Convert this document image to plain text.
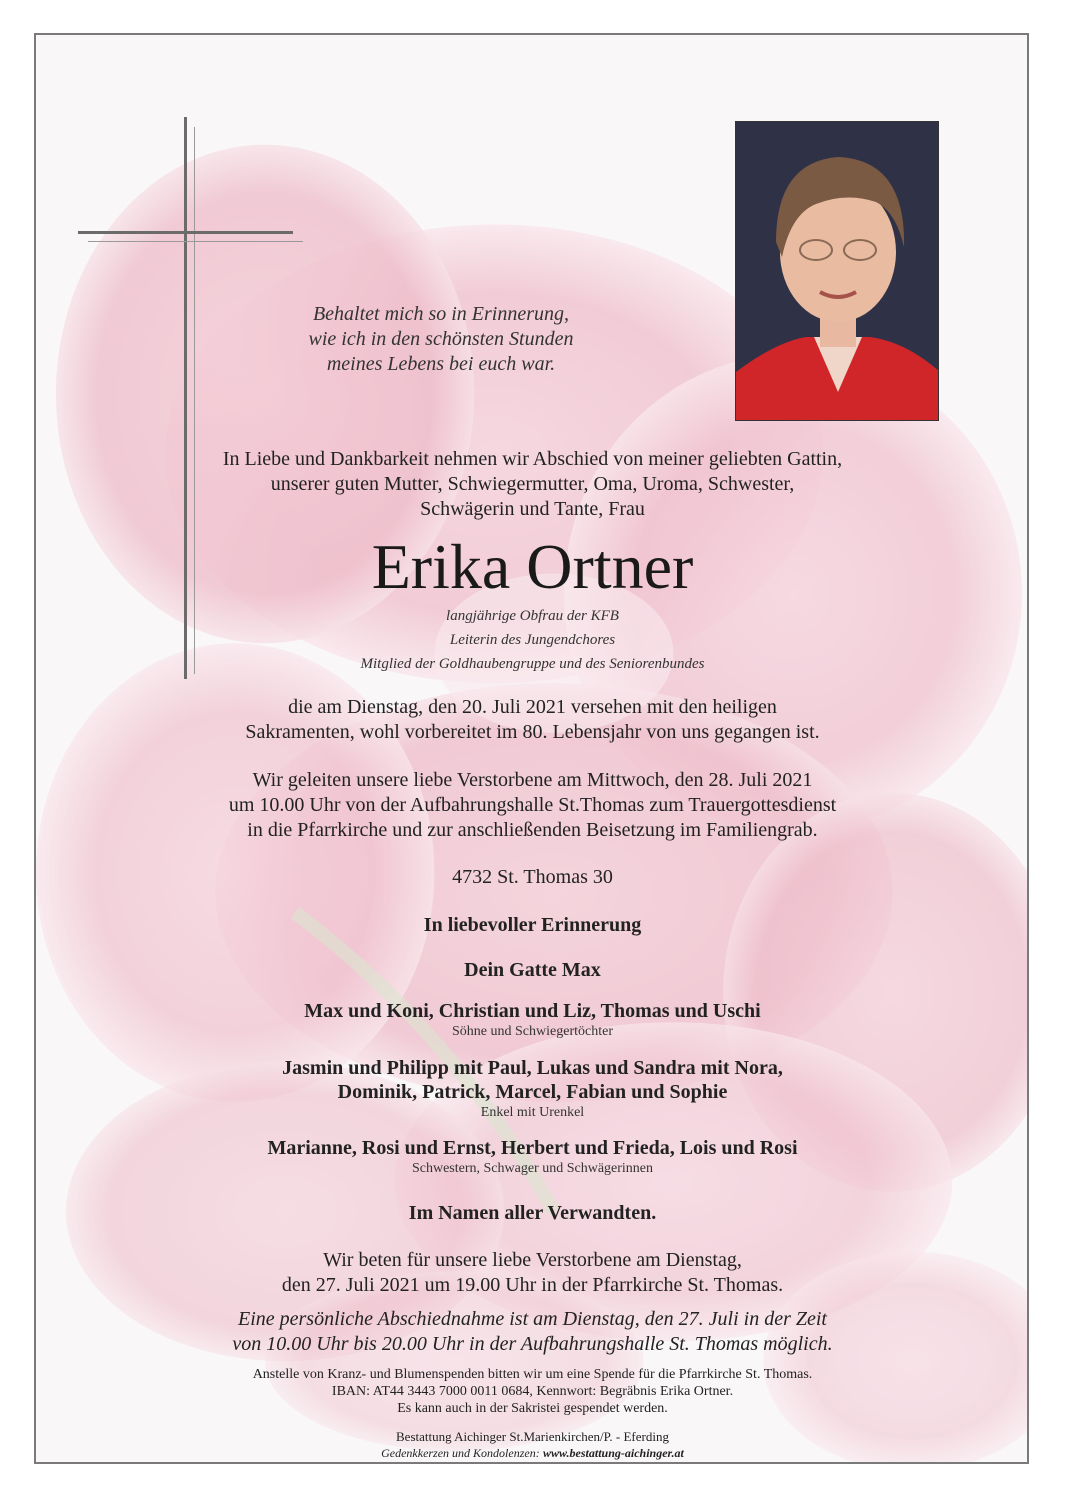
Behaltet mich so in Erinnerung,
wie ich in den schönsten Stunden
meines Lebens bei euch war.
In Liebe und Dankbarkeit nehmen wir Abschied von meiner geliebten Gattin,
unserer guten Mutter, Schwiegermutter, Oma, Uroma, Schwester,
Schwägerin und Tante, Frau
Erika Ortner
langjährige Obfrau der KFB
Leiterin des Jungendchores
Mitglied der Goldhaubengruppe und des Seniorenbundes
die am Dienstag, den 20. Juli 2021 versehen mit den heiligen
Sakramenten, wohl vorbereitet im 80. Lebensjahr von uns gegangen ist.
Wir geleiten unsere liebe Verstorbene am Mittwoch, den 28. Juli 2021
um 10.00 Uhr von der Aufbahrungshalle St.Thomas zum Trauergottesdienst
in die Pfarrkirche und zur anschließenden Beisetzung im Familiengrab.
4732 St. Thomas 30
In liebevoller Erinnerung
Dein Gatte Max
Max und Koni, Christian und Liz, Thomas und Uschi
Söhne und Schwiegertöchter
Jasmin und Philipp mit Paul, Lukas und Sandra mit Nora,
Dominik, Patrick, Marcel, Fabian und Sophie
Enkel mit Urenkel
Marianne, Rosi und Ernst, Herbert und Frieda, Lois und Rosi
Schwestern, Schwager und Schwägerinnen
Im Namen aller Verwandten.
Wir beten für unsere liebe Verstorbene am Dienstag,
den 27. Juli 2021 um 19.00 Uhr in der Pfarrkirche St. Thomas.
Eine persönliche Abschiednahme ist am Dienstag, den 27. Juli in der Zeit
von 10.00 Uhr bis 20.00 Uhr in der Aufbahrungshalle St. Thomas möglich.
Anstelle von Kranz- und Blumenspenden bitten wir um eine Spende für die Pfarrkirche St. Thomas.
IBAN: AT44 3443 7000 0011 0684, Kennwort: Begräbnis Erika Ortner.
Es kann auch in der Sakristei gespendet werden.
Bestattung Aichinger St.Marienkirchen/P. - Eferding
Gedenkkerzen und Kondolenzen: www.bestattung-aichinger.at
